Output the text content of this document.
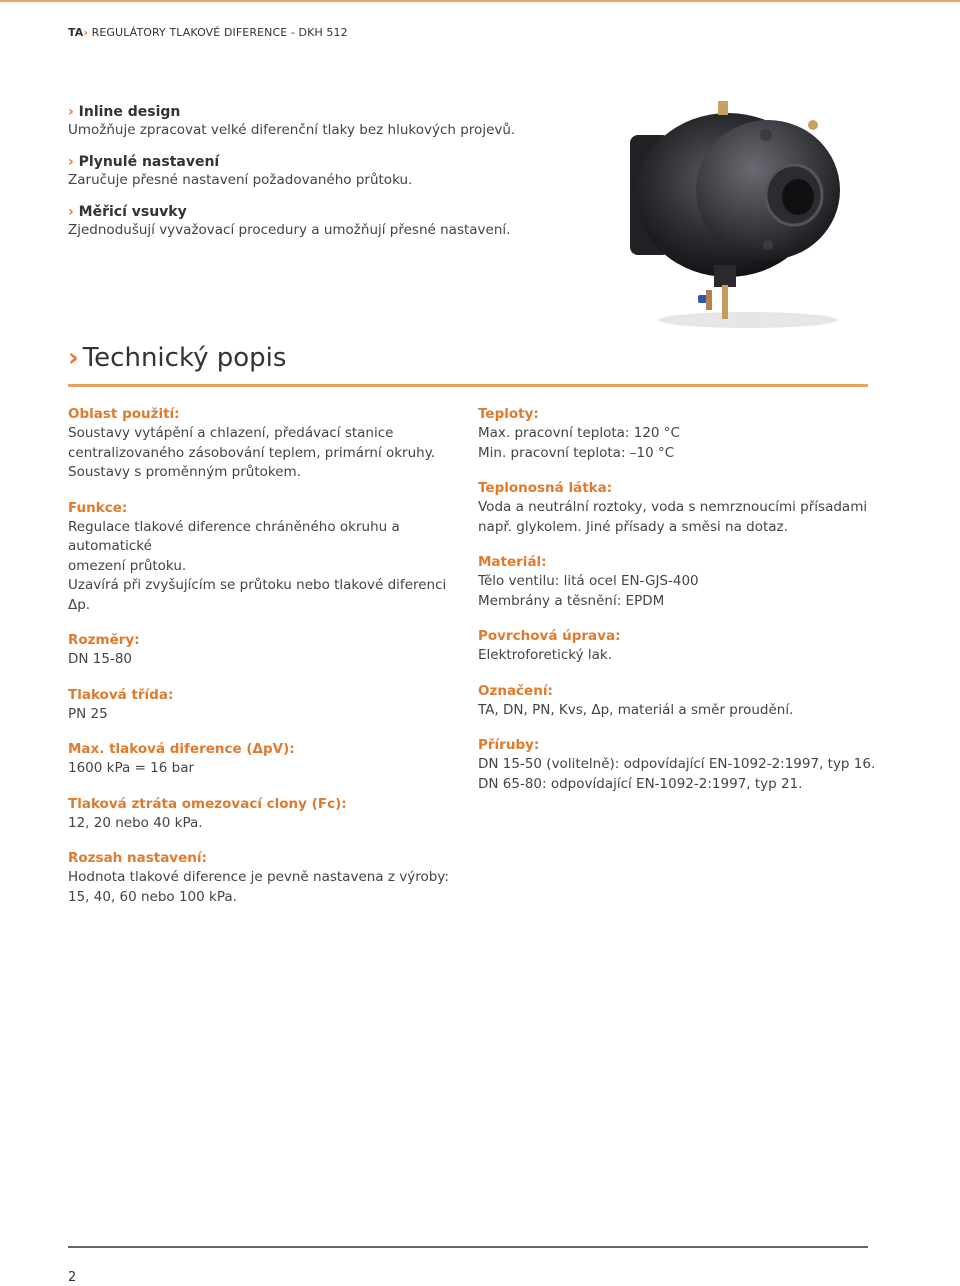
TA› REGULÁTORY TLAKOVÉ DIFERENCE - DKH 512
› Inline design
Umožňuje zpracovat velké diferenční tlaky bez hlukových projevů.
› Plynulé nastavení
Zaručuje přesné nastavení požadovaného průtoku.
› Měřicí vsuvky
Zjednodušují vyvažovací procedury a umožňují přesné nastavení.
› Technický popis
Oblast použití:
Soustavy vytápění a chlazení, předávací stanice
centralizovaného zásobování teplem, primární okruhy.
Soustavy s proměnným průtokem.
Funkce:
Regulace tlakové diference chráněného okruhu a automatické
omezení průtoku.
Uzavírá při zvyšujícím se průtoku nebo tlakové diferenci Δp.
Rozměry:
DN 15-80
Tlaková třída:
PN 25
Max. tlaková diference (ΔpV):
1600 kPa = 16 bar
Tlaková ztráta omezovací clony (Fc):
12, 20 nebo 40 kPa.
Rozsah nastavení:
Hodnota tlakové diference je pevně nastavena z výroby:
15, 40, 60 nebo 100 kPa.
Teploty:
Max. pracovní teplota: 120 °C
Min. pracovní teplota: –10 °C
Teplonosná látka:
Voda a neutrální roztoky, voda s nemrznoucími přísadami
např. glykolem. Jiné přísady a směsi na dotaz.
Materiál:
Tělo ventilu: litá ocel EN-GJS-400
Membrány a těsnění: EPDM
Povrchová úprava:
Elektroforetický lak.
Označení:
TA, DN, PN, Kvs, Δp, materiál a směr proudění.
Příruby:
DN 15-50 (volitelně): odpovídající EN-1092-2:1997, typ 16.
DN 65-80: odpovídající EN-1092-2:1997, typ 21.
2
